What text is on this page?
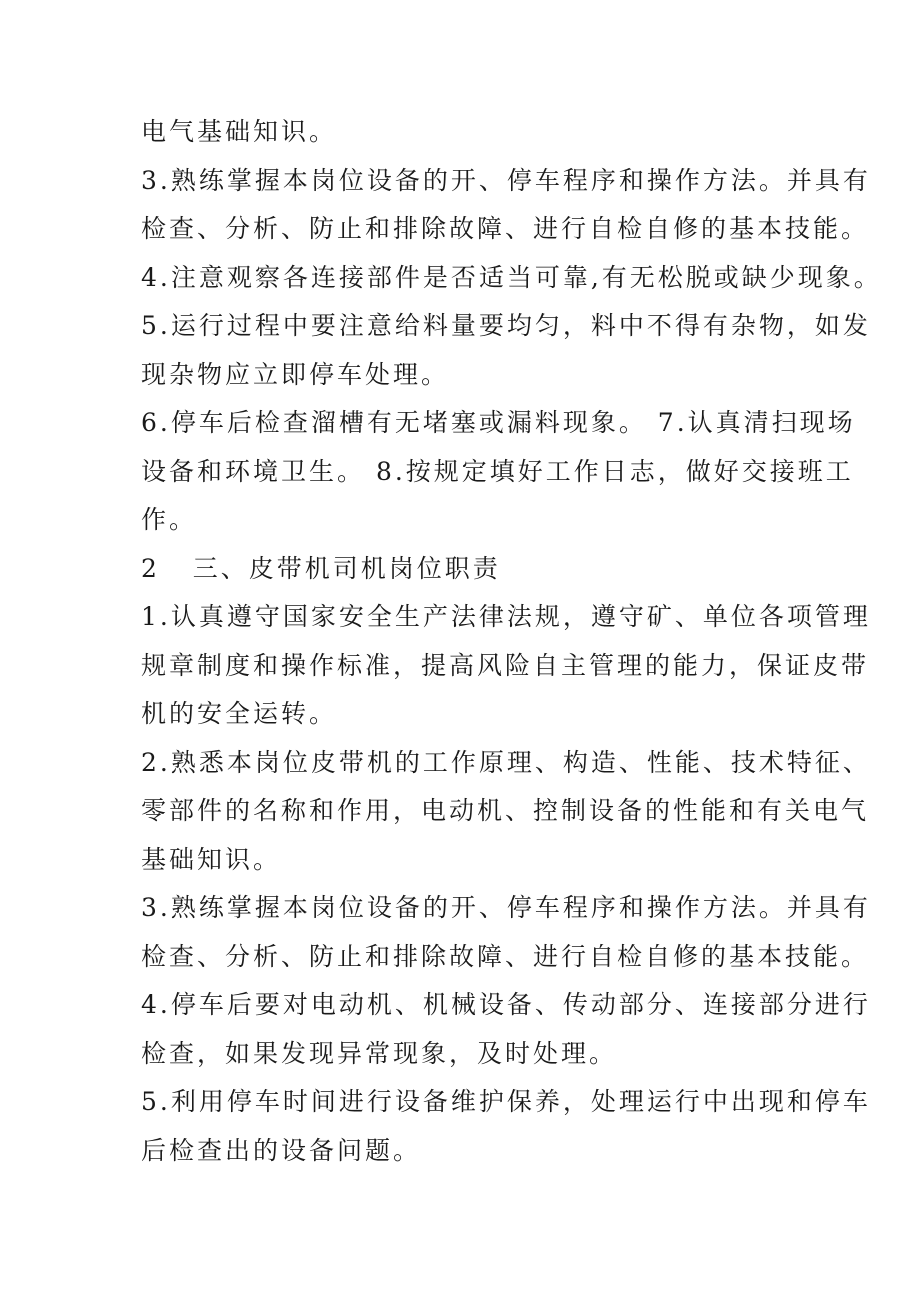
电气基础知识。
3.熟练掌握本岗位设备的开、停车程序和操作方法。并具有
检查、分析、防止和排除故障、进行自检自修的基本技能。
4.注意观察各连接部件是否适当可靠,有无松脱或缺少现象。
5.运行过程中要注意给料量要均匀，料中不得有杂物，如发
现杂物应立即停车处理。
6.停车后检查溜槽有无堵塞或漏料现象。 7.认真清扫现场
设备和环境卫生。 8.按规定填好工作日志，做好交接班工
作。
2   三、皮带机司机岗位职责
1.认真遵守国家安全生产法律法规，遵守矿、单位各项管理
规章制度和操作标准，提高风险自主管理的能力，保证皮带
机的安全运转。
2.熟悉本岗位皮带机的工作原理、构造、性能、技术特征、
零部件的名称和作用，电动机、控制设备的性能和有关电气
基础知识。
3.熟练掌握本岗位设备的开、停车程序和操作方法。并具有
检查、分析、防止和排除故障、进行自检自修的基本技能。
4.停车后要对电动机、机械设备、传动部分、连接部分进行
检查，如果发现异常现象，及时处理。
5.利用停车时间进行设备维护保养，处理运行中出现和停车
后检查出的设备问题。
